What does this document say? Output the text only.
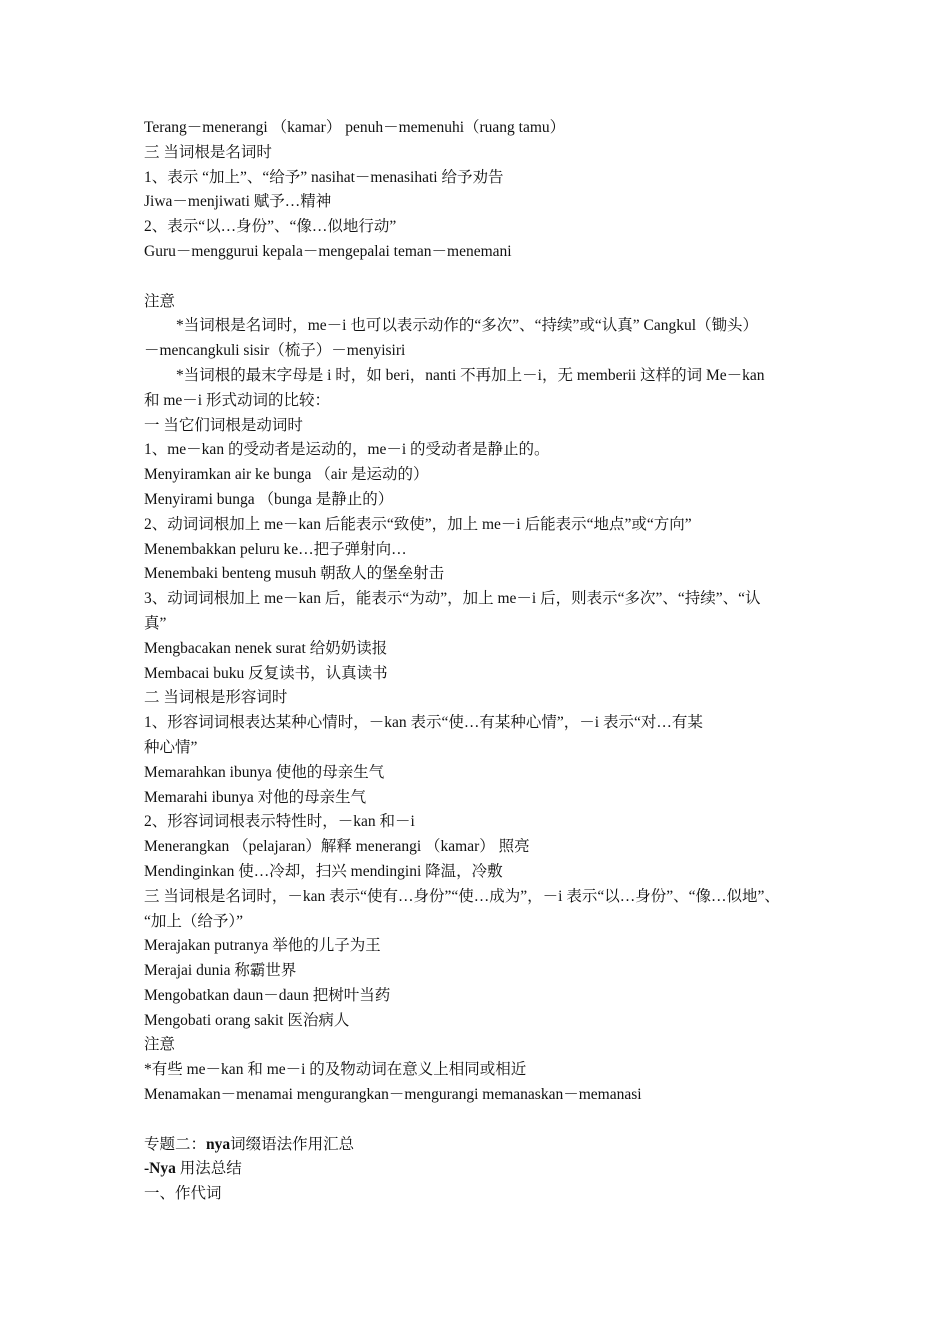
Terang－menerangi （kamar） penuh－memenuhi（ruang tamu）
三 当词根是名词时
1、表示 “加上”、“给予” nasihat－menasihati 给予劝告
Jiwa－menjiwati 赋予…精神
2、表示“以…身份”、“像…似地行动”
Guru－menggurui kepala－mengepalai teman－menemani
注意
*当词根是名词时，me－i 也可以表示动作的“多次”、“持续”或“认真” Cangkul（锄头）
－mencangkuli sisir（梳子）－menyisiri
*当词根的最末字母是 i 时，如 beri，nanti 不再加上－i，无 memberii 这样的词 Me－kan
和 me－i 形式动词的比较：
一 当它们词根是动词时
1、me－kan 的受动者是运动的，me－i 的受动者是静止的。
Menyiramkan air ke bunga （air 是运动的）
Menyirami bunga （bunga 是静止的）
2、动词词根加上 me－kan 后能表示“致使”，加上 me－i 后能表示“地点”或“方向”
Menembakkan peluru ke…把子弹射向…
Menembaki benteng musuh 朝敌人的堡垒射击
3、动词词根加上 me－kan 后，能表示“为动”，加上 me－i 后，则表示“多次”、“持续”、“认
真”
Mengbacakan nenek surat 给奶奶读报
Membacai buku 反复读书，认真读书
二 当词根是形容词时
1、形容词词根表达某种心情时，－kan 表示“使…有某种心情”，－i 表示“对…有某
种心情”
Memarahkan ibunya 使他的母亲生气
Memarahi ibunya 对他的母亲生气
2、形容词词根表示特性时，－kan 和－i
Menerangkan （pelajaran）解释 menerangi （kamar） 照亮
Mendinginkan 使…冷却，扫兴 mendingini 降温，冷敷
三 当词根是名词时，－kan 表示“使有…身份”“使…成为”，－i 表示“以…身份”、“像…似地”、
“加上（给予）”
Merajakan putranya 举他的儿子为王
Merajai dunia 称霸世界
Mengobatkan daun－daun 把树叶当药
Mengobati orang sakit 医治病人
注意
*有些 me－kan 和 me－i 的及物动词在意义上相同或相近
Menamakan－menamai mengurangkan－mengurangi memanaskan－memanasi
专题二：nya词缀语法作用汇总
-Nya 用法总结
一、作代词
